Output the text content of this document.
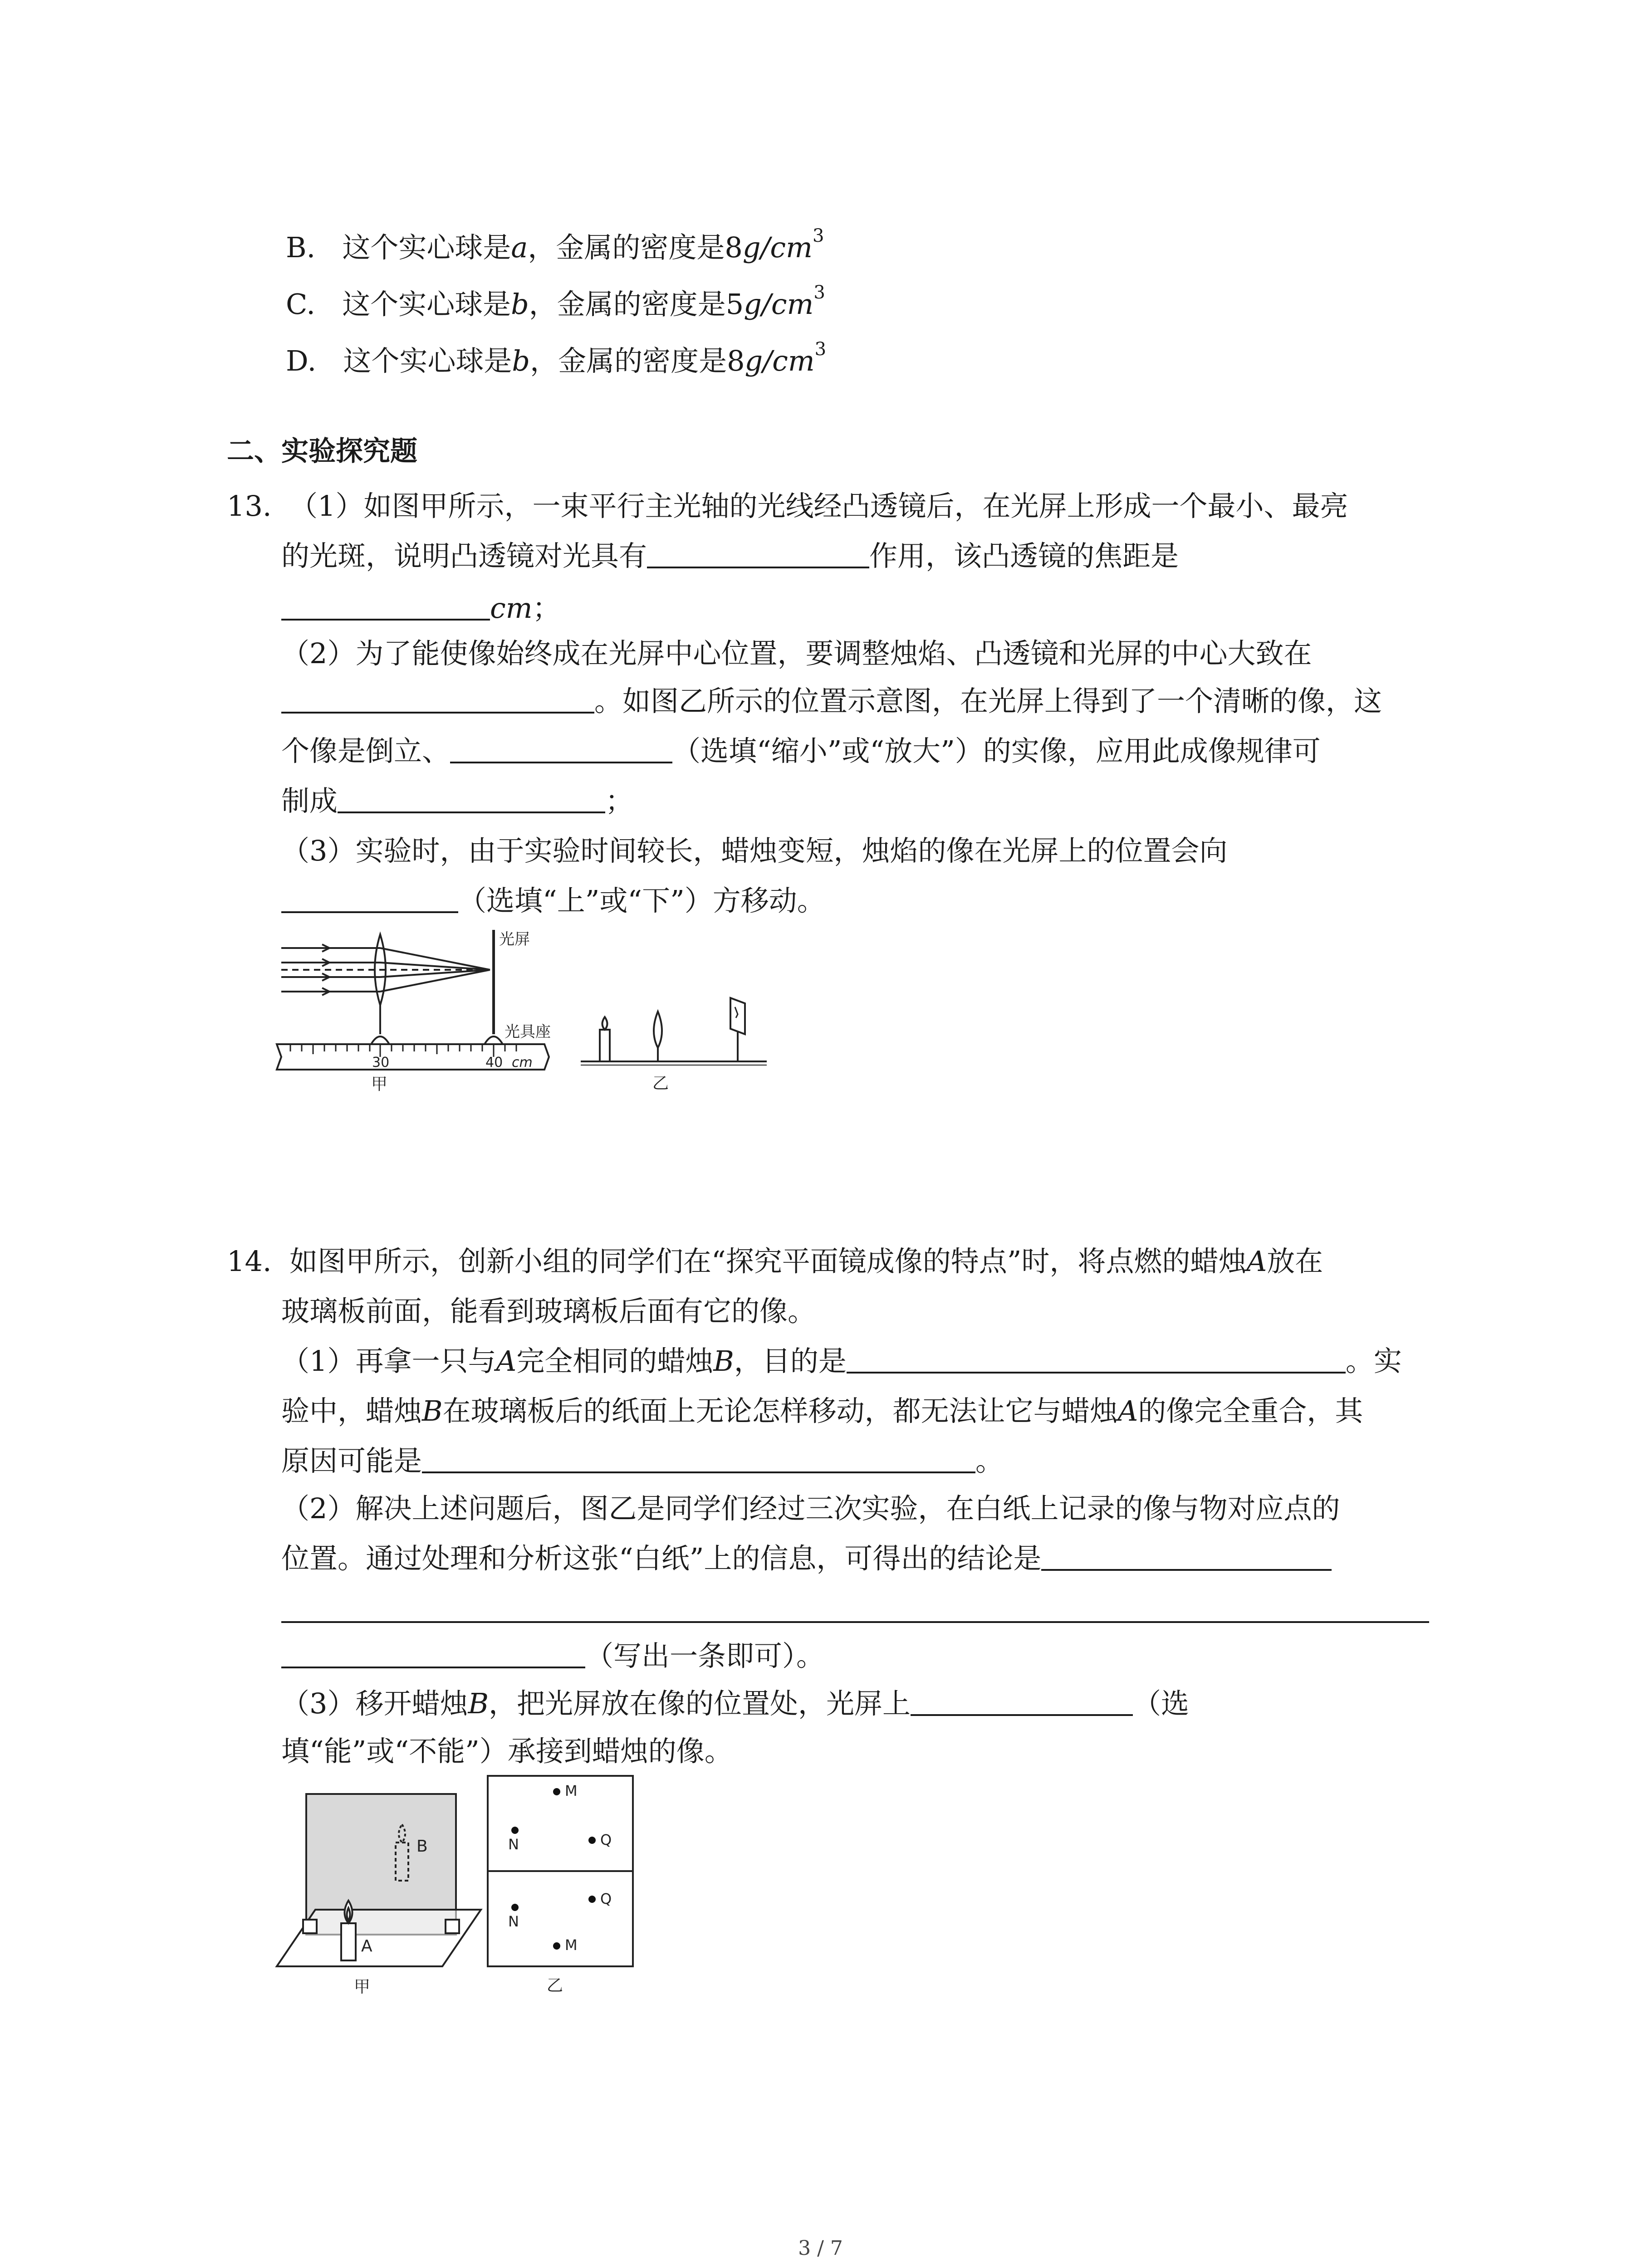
B. 这个实心球是a，金属的密度是$8g/cm^3$
C. 这个实心球是b，金属的密度是$5g/cm^3$
D. 这个实心球是b，金属的密度是$8g/cm^3$
二、实验探究题
13. （1）如图甲所示，一束平行主光轴的光线经凸透镜后，在光屏上形成一个最小、最亮
的光斑，说明凸透镜对光具有	作用，该凸透镜的焦距是
cm；
（2）为了能使像始终成在光屏中心位置，要调整烛焰、凸透镜和光屏的中心大致在
。如图乙所示的位置示意图，在光屏上得到了一个清晰的像，这
个像是倒立、	（选填“缩小”或“放大”）的实像，应用此成像规律可
制成	；
（3）实验时，由于实验时间较长，蜡烛变短，烛焰的像在光屏上的位置会向
（选填“上”或“下”）方移动。
光屏
光具座
30	40 cm
甲	乙
14. 如图甲所示，创新小组的同学们在“探究平面镜成像的特点”时，将点燃的蜡烛A放在
玻璃板前面，能看到玻璃板后面有它的像。
（1）再拿一只与A完全相同的蜡烛B，目的是	。实
验中，蜡烛B在玻璃板后的纸面上无论怎样移动，都无法让它与蜡烛A的像完全重合，其
原因可能是	。
（2）解决上述问题后，图乙是同学们经过三次实验，在白纸上记录的像与物对应点的
位置。通过处理和分析这张“白纸”上的信息，可得出的结论是
（写出一条即可）。
（3）移开蜡烛B，把光屏放在像的位置处，光屏上	（选
填“能”或“不能”）承接到蜡烛的像。
A
B
甲
M
N	Q
Q
N
M
乙
3 / 7
